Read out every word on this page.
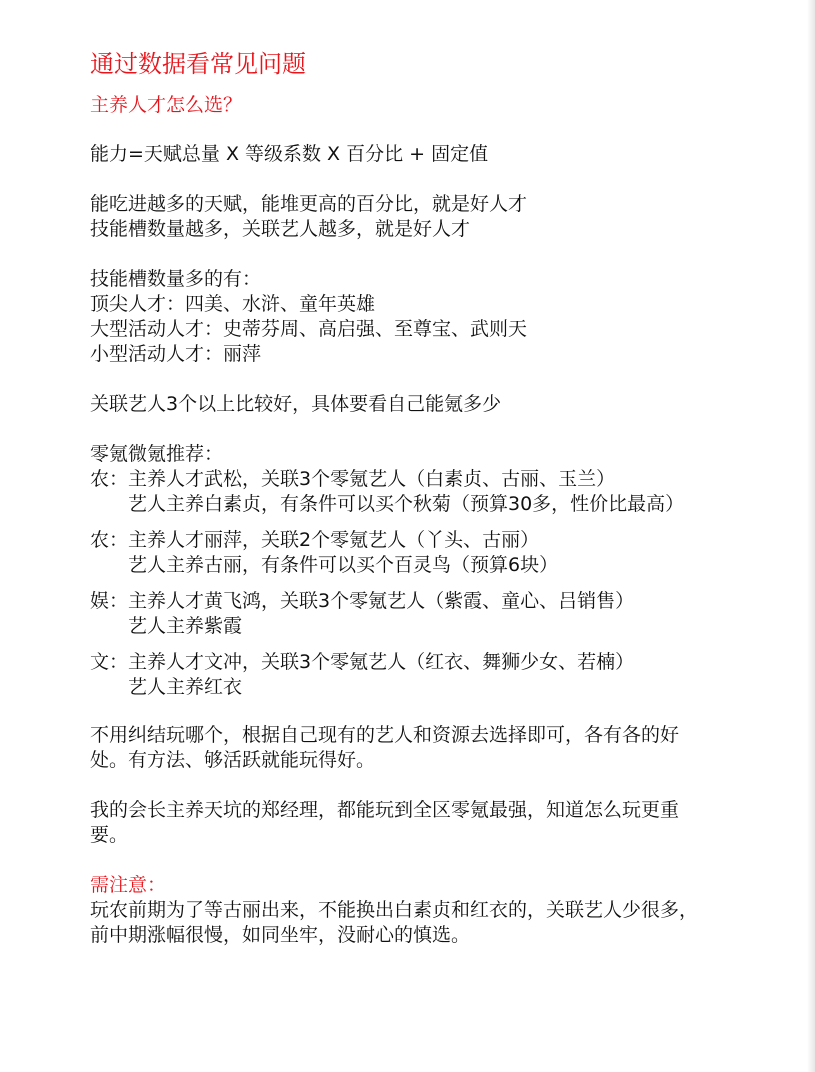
通过数据看常见问题
主养人才怎么选？
能力=天赋总量 X 等级系数 X 百分比 + 固定值
能吃进越多的天赋，能堆更高的百分比，就是好人才
技能槽数量越多，关联艺人越多，就是好人才
技能槽数量多的有：
顶尖人才：四美、水浒、童年英雄
大型活动人才：史蒂芬周、高启强、至尊宝、武则天
小型活动人才：丽萍
关联艺人3个以上比较好，具体要看自己能氪多少
零氪微氪推荐：
农： 主养人才武松，关联3个零氪艺人（白素贞、古丽、玉兰）
艺人主养白素贞，有条件可以买个秋菊（预算30多，性价比最高）
农： 主养人才丽萍，关联2个零氪艺人（丫头、古丽）
艺人主养古丽，有条件可以买个百灵鸟（预算6块）
娱： 主养人才黄飞鸿，关联3个零氪艺人（紫霞、童心、吕销售）
艺人主养紫霞
文： 主养人才文冲，关联3个零氪艺人（红衣、舞狮少女、若楠）
艺人主养红衣
不用纠结玩哪个，根据自己现有的艺人和资源去选择即可，各有各的好
处。有方法、够活跃就能玩得好。
我的会长主养天坑的郑经理，都能玩到全区零氪最强，知道怎么玩更重
要。
需注意：
玩农前期为了等古丽出来，不能换出白素贞和红衣的，关联艺人少很多，
前中期涨幅很慢，如同坐牢，没耐心的慎选。
